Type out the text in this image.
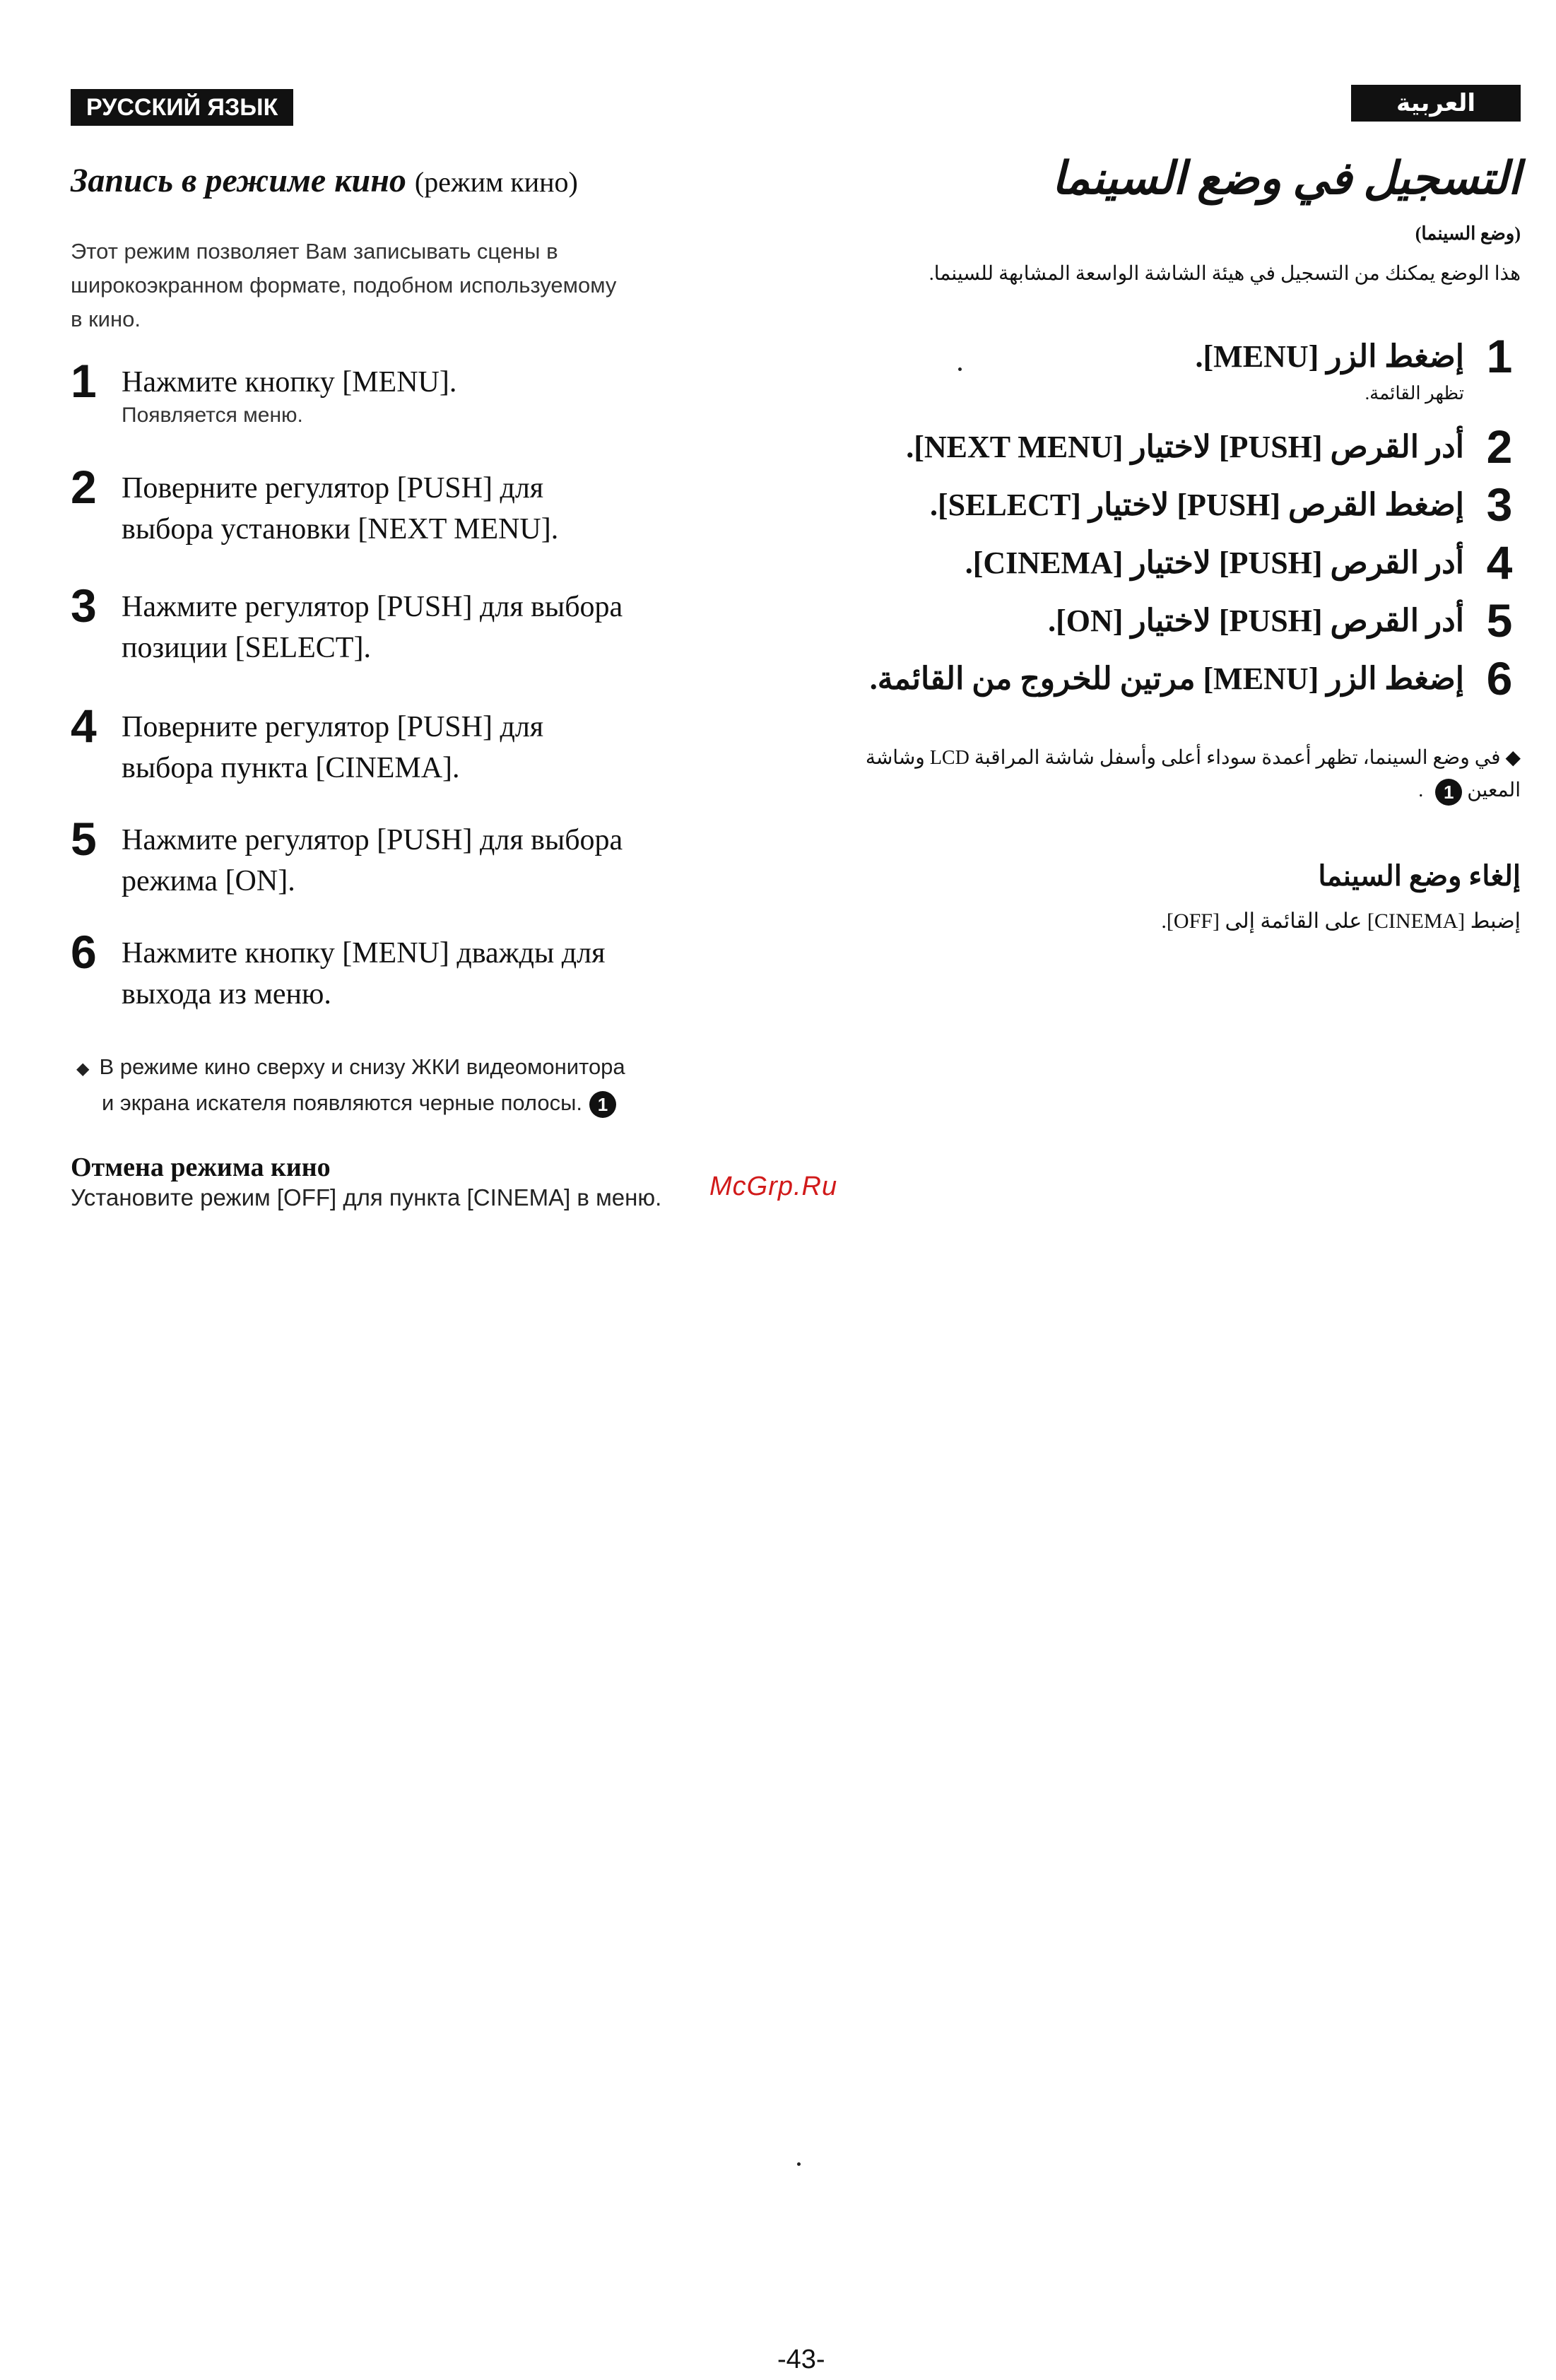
РУССКИЙ ЯЗЫК
Запись в режиме кино (режим кино)
Этот режим позволяет Вам записывать сцены в
широкоэкранном формате, подобном используемому
в кино.
1 Нажмите кнопку [MENU].
Появляется меню.
2 Поверните регулятор [PUSH] для
выбора установки [NEXT MENU].
3 Нажмите регулятор [PUSH] для выбора
позиции [SELECT].
4 Поверните регулятор [PUSH] для
выбора пункта [CINEMA].
5 Нажмите регулятор [PUSH] для выбора
режима [ON].
6 Нажмите кнопку [MENU] дважды для
выхода из меню.
◆ В режиме кино сверху и снизу ЖКИ видеомонитора
и экрана искателя появляются черные полосы. 1
Отмена режима кино
Установите режим [OFF] для пункта [CINEMA] в меню.
العربية
التسجيل في وضع السينما
(وضع السينما)
هذا الوضع يمكنك من التسجيل في هيئة الشاشة الواسعة المشابهة للسينما.
1إضغط الزر [MENU].
تظهر القائمة.
2أدر القرص [PUSH] لاختيار [NEXT MENU].
3إضغط القرص [PUSH] لاختيار [SELECT].
4أدر القرص [PUSH] لاختيار [CINEMA].
5أدر القرص [PUSH] لاختيار [ON].
6إضغط الزر [MENU] مرتين للخروج من القائمة.
◆ في وضع السينما، تظهر أعمدة سوداء أعلى وأسفل شاشة المراقبة LCD وشاشة
المعين 1 .
إلغاء وضع السينما
إضبط [CINEMA] على القائمة إلى [OFF].
McGrp.Ru
-43-
